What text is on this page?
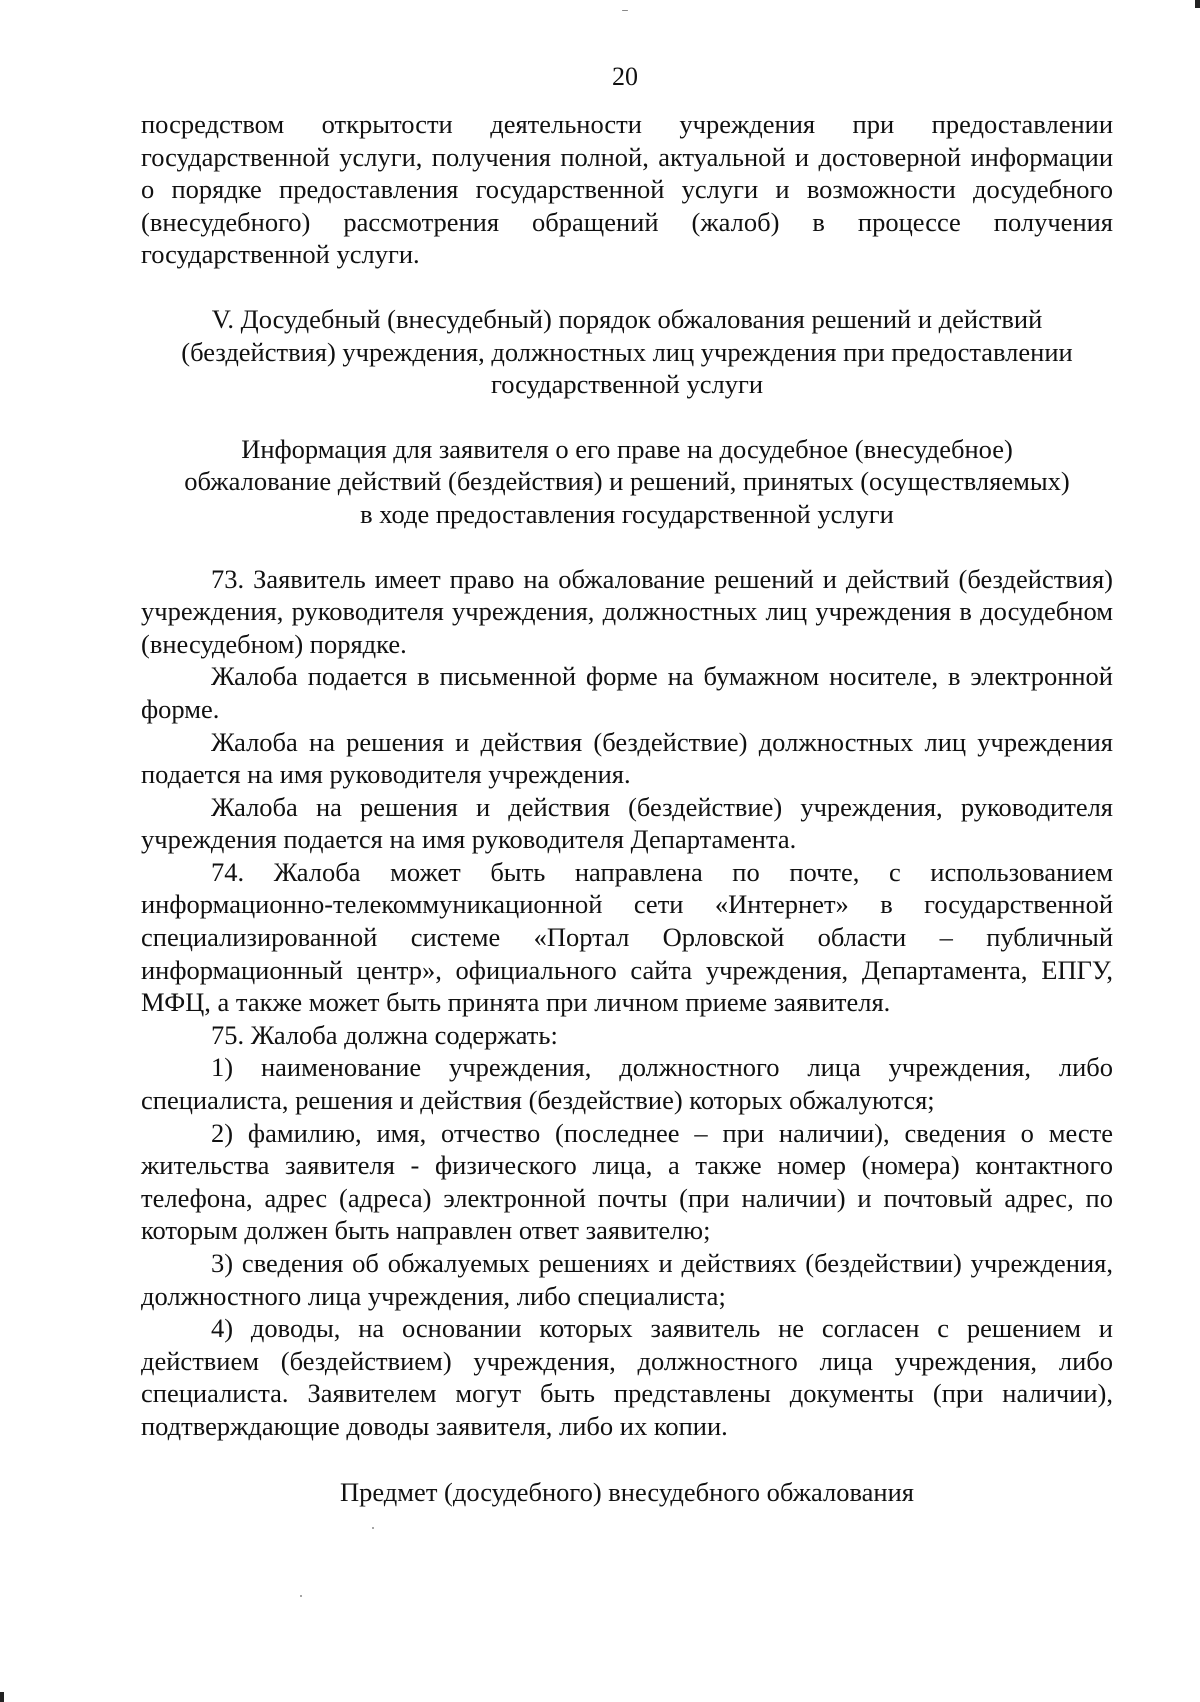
20

посредством открытости деятельности учреждения при предоставлении государственной услуги, получения полной, актуальной и достоверной информации о порядке предоставления государственной услуги и возможности досудебного (внесудебного) рассмотрения обращений (жалоб) в процессе получения государственной услуги.

V. Досудебный (внесудебный) порядок обжалования решений и действий

(бездействия) учреждения, должностных лиц учреждения при предоставлении

государственной услуги

Информация для заявителя о его праве на досудебное (внесудебное)

обжалование действий (бездействия) и решений, принятых (осуществляемых)

в ходе предоставления государственной услуги

73. Заявитель имеет право на обжалование решений и действий (бездействия) учреждения, руководителя учреждения, должностных лиц учреждения в досудебном (внесудебном) порядке.

Жалоба подается в письменной форме на бумажном носителе, в электронной форме.

Жалоба на решения и действия (бездействие) должностных лиц учреждения подается на имя руководителя учреждения.

Жалоба на решения и действия (бездействие) учреждения, руководителя учреждения подается на имя руководителя Департамента.

74. Жалоба может быть направлена по почте, с использованием информационно-телекоммуникационной сети «Интернет» в государственной специализированной системе «Портал Орловской области – публичный информационный центр», официального сайта учреждения, Департамента, ЕПГУ, МФЦ, а также может быть принята при личном приеме заявителя.

75. Жалоба должна содержать:

1) наименование учреждения, должностного лица учреждения, либо специалиста, решения и действия (бездействие) которых обжалуются;

2) фамилию, имя, отчество (последнее – при наличии), сведения о месте жительства заявителя - физического лица, а также номер (номера) контактного телефона, адрес (адреса) электронной почты (при наличии) и почтовый адрес, по которым должен быть направлен ответ заявителю;

3) сведения об обжалуемых решениях и действиях (бездействии) учреждения, должностного лица учреждения, либо специалиста;

4) доводы, на основании которых заявитель не согласен с решением и действием (бездействием) учреждения, должностного лица учреждения, либо специалиста. Заявителем могут быть представлены документы (при наличии), подтверждающие доводы заявителя, либо их копии.

Предмет (досудебного) внесудебного обжалования
